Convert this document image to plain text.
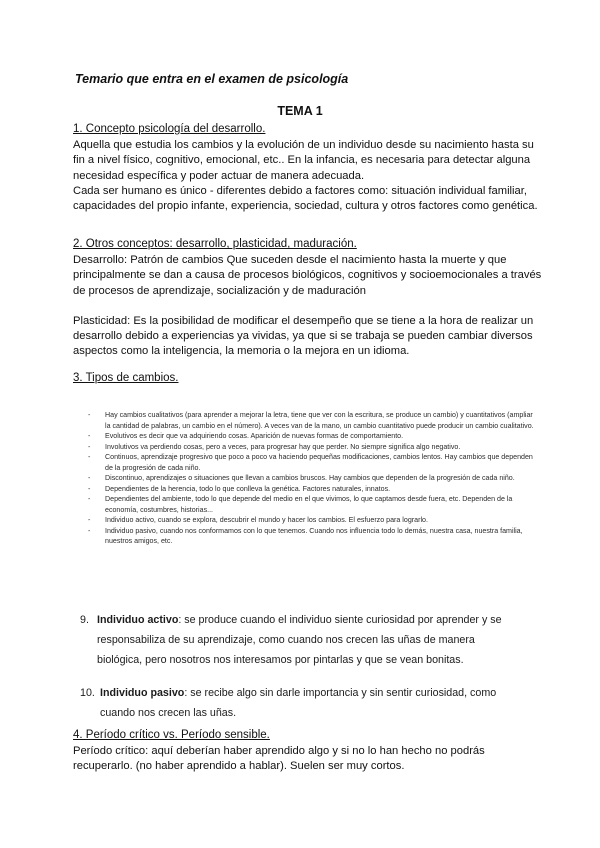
Temario que entra en el examen de psicología

TEMA 1

1. Concepto psicología del desarrollo.

Aquella que estudia los cambios y la evolución de un individuo desde su nacimiento hasta su fin a nivel físico, cognitivo, emocional, etc.. En la infancia, es necesaria para detectar alguna necesidad específica y poder actuar de manera adecuada.

Cada ser humano es único - diferentes debido a factores como: situación individual familiar, capacidades del propio infante, experiencia, sociedad, cultura y otros factores como genética.

2. Otros conceptos: desarrollo, plasticidad, maduración.

Desarrollo: Patrón de cambios Que suceden desde el nacimiento hasta la muerte y que principalmente se dan a causa de procesos biológicos, cognitivos y socioemocionales a través de procesos de aprendizaje, socialización y de maduración

Plasticidad: Es la posibilidad de modificar el desempeño que se tiene a la hora de realizar un desarrollo debido a experiencias ya vividas, ya que si se trabaja se pueden cambiar diversos aspectos como la inteligencia, la memoria o la mejora en un idioma.

3. Tipos de cambios.

- Hay cambios cualitativos (para aprender a mejorar la letra, tiene que ver con la escritura, se produce un cambio) y cuantitativos (ampliar la cantidad de palabras, un cambio en el número). A veces van de la mano, un cambio cuantitativo puede producir un cambio cualitativo.
- Evolutivos es decir que va adquiriendo cosas. Aparición de nuevas formas de comportamiento.
- Involutivos va perdiendo cosas, pero a veces, para progresar hay que perder. No siempre significa algo negativo.
- Continuos, aprendizaje progresivo que poco a poco va haciendo pequeñas modificaciones, cambios lentos. Hay cambios que dependen de la progresión de cada niño.
- Discontinuo, aprendizajes o situaciones que llevan a cambios bruscos. Hay cambios que dependen de la progresión de cada niño.
- Dependientes de la herencia, todo lo que conlleva la genética. Factores naturales, innatos.
- Dependientes del ambiente, todo lo que depende del medio en el que vivimos, lo que captamos desde fuera, etc. Dependen de la economía, costumbres, historias...
- Individuo activo, cuando se explora, descubrir el mundo y hacer los cambios. El esfuerzo para lograrlo.
- Individuo pasivo, cuando nos conformamos con lo que tenemos. Cuando nos influencia todo lo demás, nuestra casa, nuestra familia, nuestros amigos, etc.

9. Individuo activo: se produce cuando el individuo siente curiosidad por aprender y se responsabiliza de su aprendizaje, como cuando nos crecen las uñas de manera biológica, pero nosotros nos interesamos por pintarlas y que se vean bonitas.

10. Individuo pasivo: se recibe algo sin darle importancia y sin sentir curiosidad, como cuando nos crecen las uñas.

4. Período crítico vs. Período sensible.

Período crítico: aquí deberían haber aprendido algo y si no lo han hecho no podrás recuperarlo. (no haber aprendido a hablar). Suelen ser muy cortos.
